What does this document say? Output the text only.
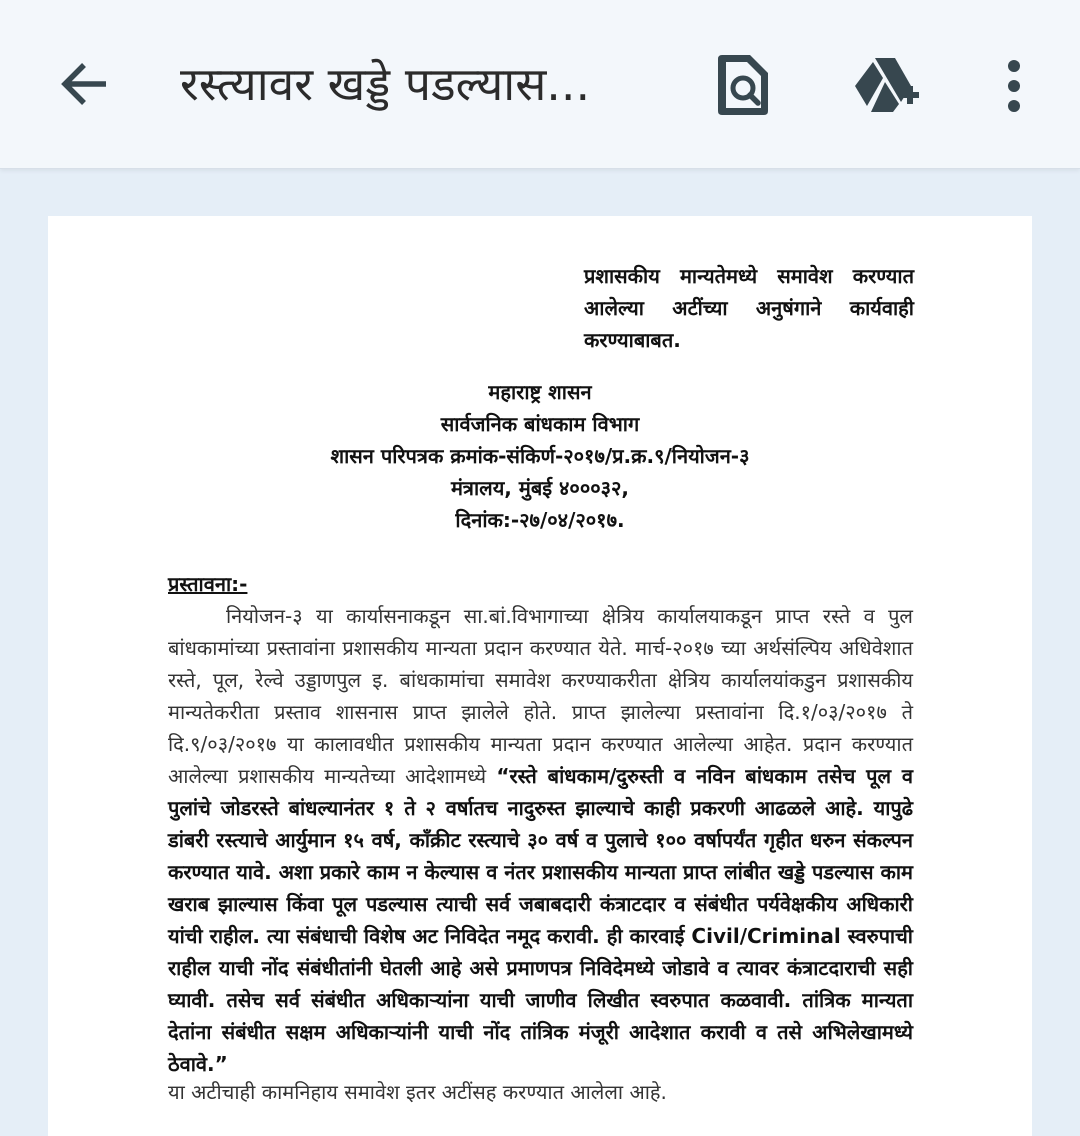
रस्त्यावर खड्डे पडल्यास...
प्रशासकीय मान्यतेमध्ये समावेश करण्यात आलेल्या अटींच्या अनुषंगाने कार्यवाही करण्याबाबत.
महाराष्ट्र शासन
सार्वजनिक बांधकाम विभाग
शासन परिपत्रक क्रमांक-संकिर्ण-२०१७/प्र.क्र.९/नियोजन-३
मंत्रालय, मुंबई ४०००३२,
दिनांक:-२७/०४/२०१७.
प्रस्तावना:-
नियोजन-३ या कार्यासनाकडून सा.बां.विभागाच्या क्षेत्रिय कार्यालयाकडून प्राप्त रस्ते व पुल बांधकामांच्या प्रस्तावांना प्रशासकीय मान्यता प्रदान करण्यात येते. मार्च-२०१७ च्या अर्थसंल्पिय अधिवेशात रस्ते, पूल, रेल्वे उड्डाणपुल इ. बांधकामांचा समावेश करण्याकरीता क्षेत्रिय कार्यालयांकडुन प्रशासकीय मान्यतेकरीता प्रस्ताव शासनास प्राप्त झालेले होते. प्राप्त झालेल्या प्रस्तावांना दि.१/०३/२०१७ ते दि.९/०३/२०१७ या कालावधीत प्रशासकीय मान्यता प्रदान करण्यात आलेल्या आहेत. प्रदान करण्यात आलेल्या प्रशासकीय मान्यतेच्या आदेशामध्ये “रस्ते बांधकाम/दुरुस्ती व नविन बांधकाम तसेच पूल व पुलांचे जोडरस्ते बांधल्यानंतर १ ते २ वर्षातच नादुरुस्त झाल्याचे काही प्रकरणी आढळले आहे. यापुढे डांबरी रस्त्याचे आर्युमान १५ वर्ष, काँक्रीट रस्त्याचे ३० वर्ष व पुलाचे १०० वर्षापर्यंत गृहीत धरुन संकल्पन करण्यात यावे. अशा प्रकारे काम न केल्यास व नंतर प्रशासकीय मान्यता प्राप्त लांबीत खड्डे पडल्यास काम खराब झाल्यास किंवा पूल पडल्यास त्याची सर्व जबाबदारी कंत्राटदार व संबंधीत पर्यवेक्षकीय अधिकारी यांची राहील. त्या संबंधाची विशेष अट निविदेत नमूद करावी. ही कारवाई Civil/Criminal स्वरुपाची राहील याची नोंद संबंधीतांनी घेतली आहे असे प्रमाणपत्र निविदेमध्ये जोडावे व त्यावर कंत्राटदाराची सही घ्यावी. तसेच सर्व संबंधीत अधिकाऱ्यांना याची जाणीव लिखीत स्वरुपात कळवावी. तांत्रिक मान्यता देतांना संबंधीत सक्षम अधिकाऱ्यांनी याची नोंद तांत्रिक मंजूरी आदेशात करावी व तसे अभिलेखामध्ये ठेवावे.”
या अटीचाही कामनिहाय समावेश इतर अटींसह करण्यात आलेला आहे.
